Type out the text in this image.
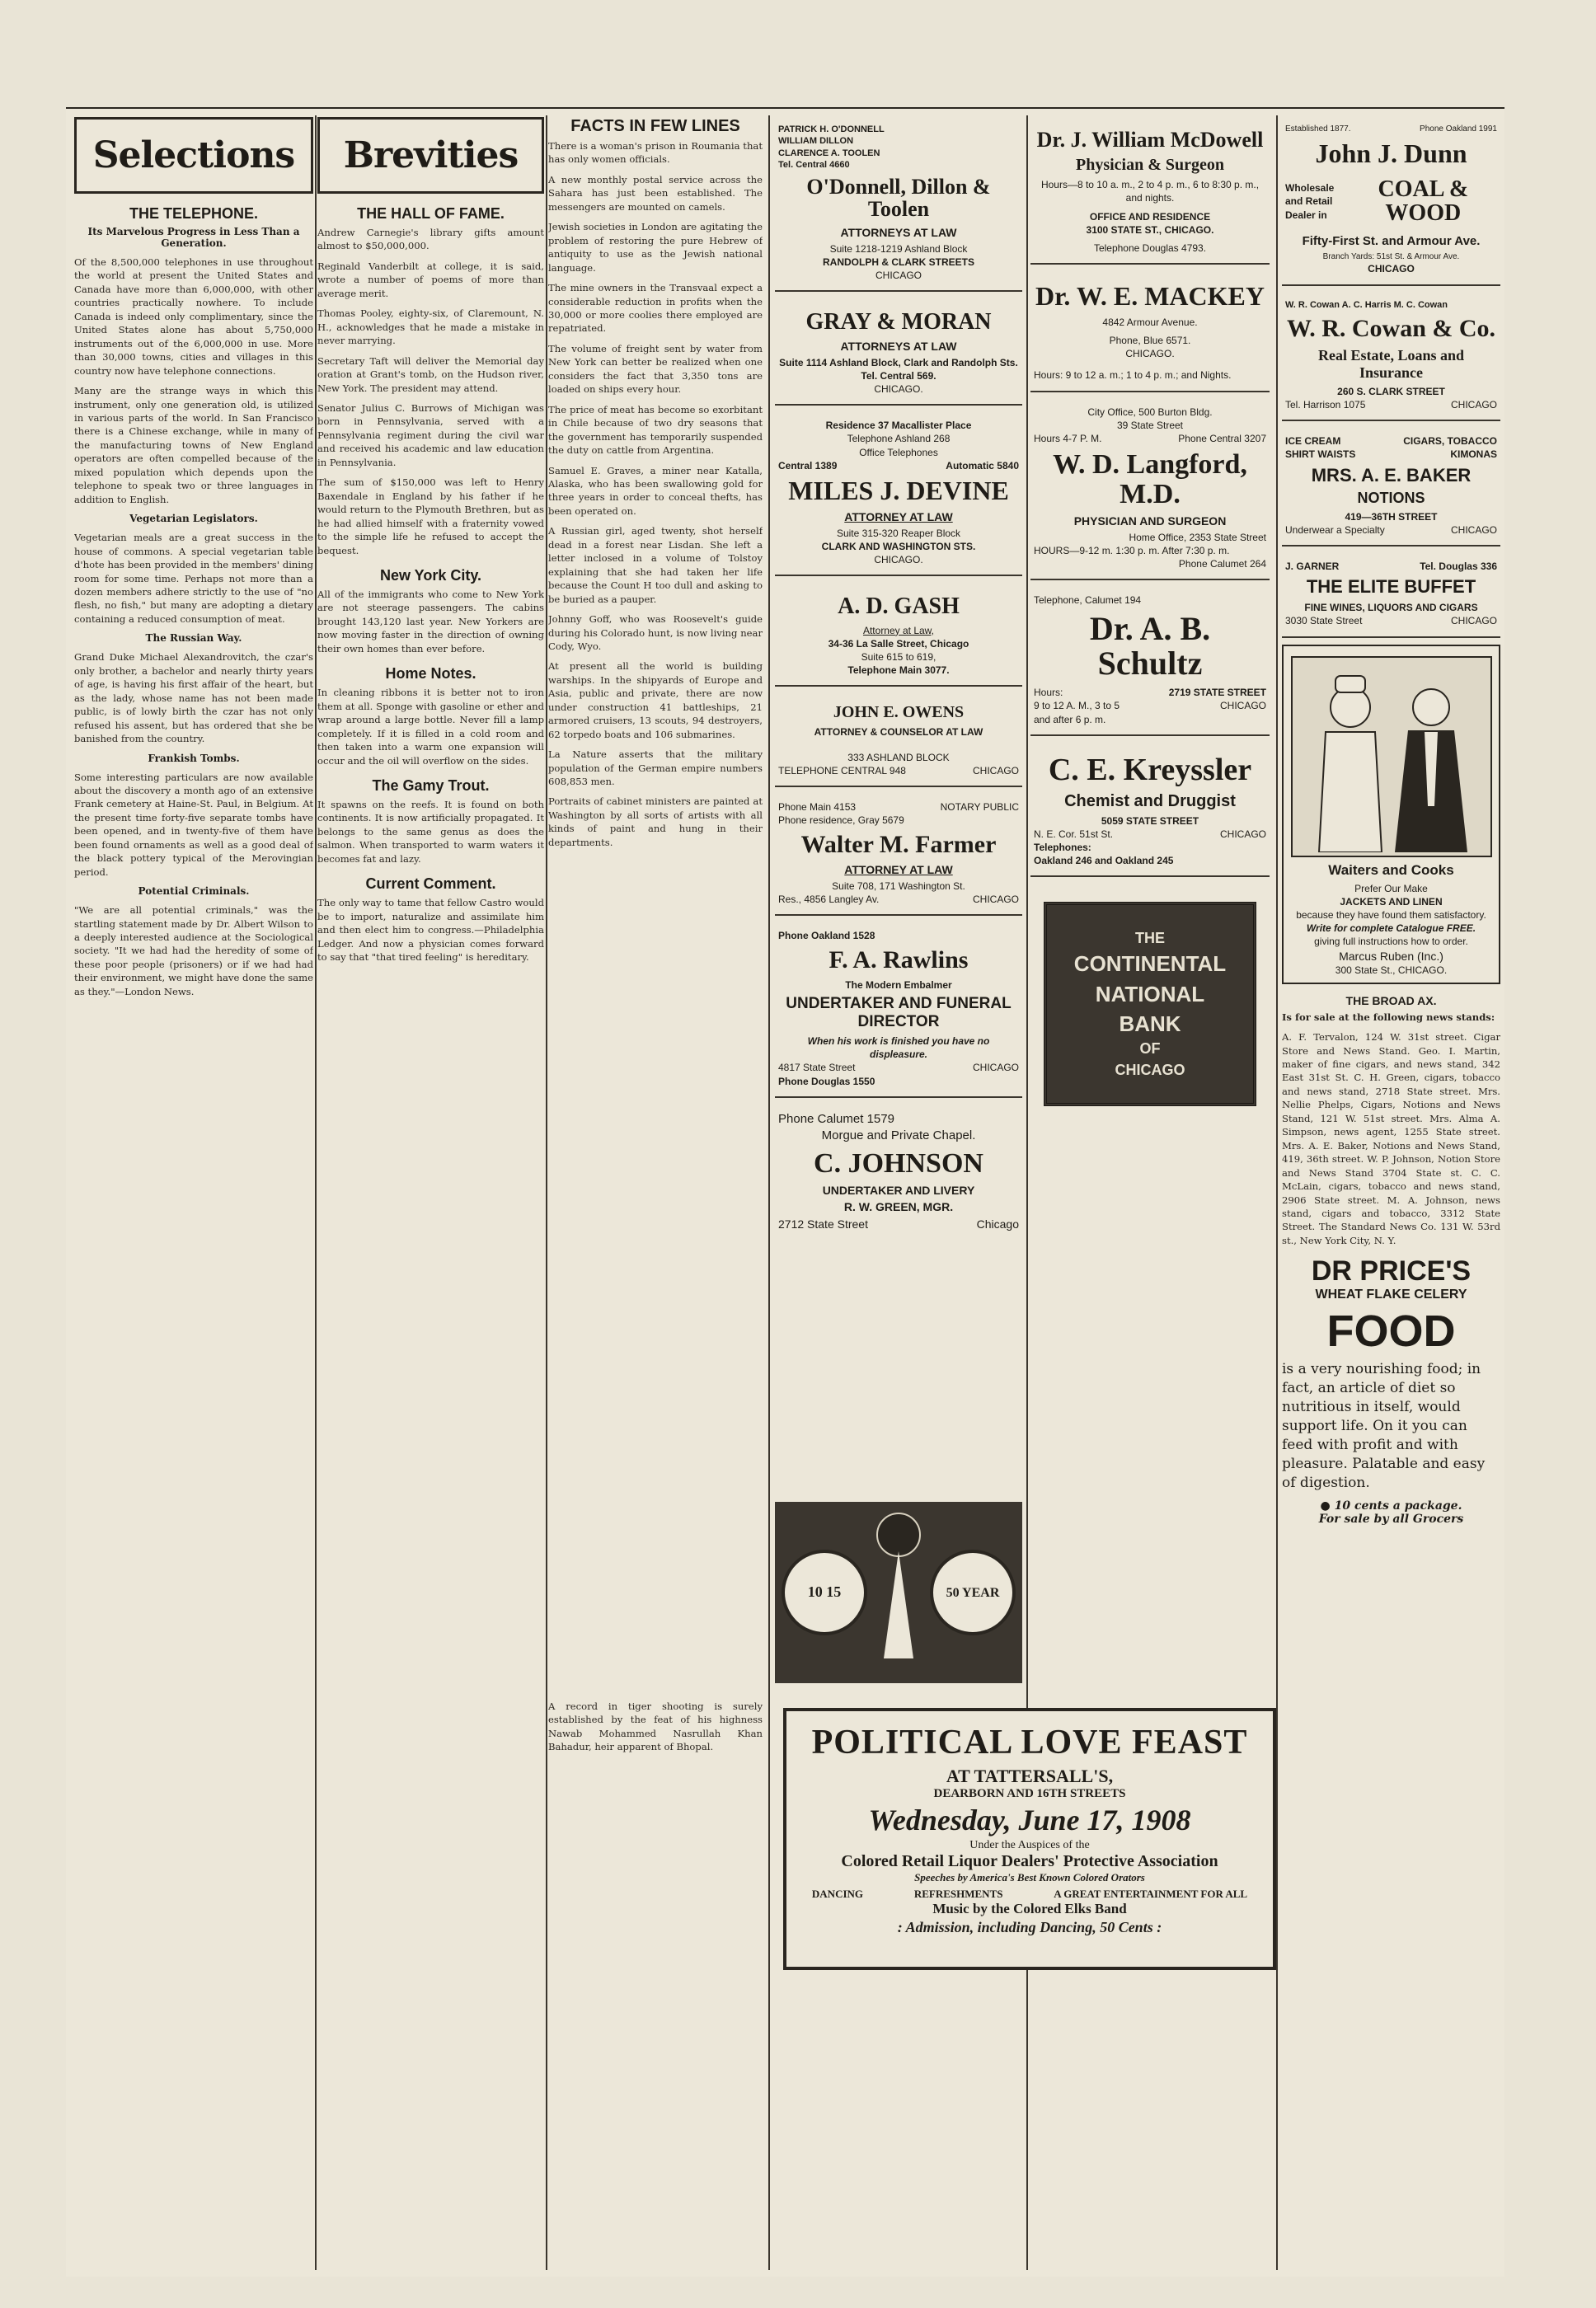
Selections
THE TELEPHONE.
Its Marvelous Progress in Less Than a Generation.

Of the 8,500,000 telephones in use throughout the world at present the United States and Canada have more than 6,000,000, with other countries practically nowhere. To include Canada is indeed only complimentary, since the United States alone has about 5,750,000 instruments out of the 6,000,000 in use. More than 30,000 towns, cities and villages in this country now have telephone connections.

Many are the strange ways in which this instrument, only one generation old, is utilized in various parts of the world. In San Francisco there is a Chinese exchange, while in many of the manufacturing towns of New England operators are often compelled because of the mixed population which depends upon the telephone to speak two or three languages in addition to English.

Vegetarian Legislators.

Vegetarian meals are a great success in the house of commons. A special vegetarian table d'hote has been provided in the members' dining room for some time. Perhaps not more than a dozen members adhere strictly to the use of "no flesh, no fish," but many are adopting a dietary containing a reduced consumption of meat.

The Russian Way.

Grand Duke Michael Alexandrovitch, the czar's only brother, a bachelor and nearly thirty years of age, is having his first affair of the heart, but as the lady, whose name has not been made public, is of lowly birth the czar has not only refused his assent, but has ordered that she be banished from the country.

Frankish Tombs.

Some interesting particulars are now available about the discovery a month ago of an extensive Frank cemetery at Haine-St. Paul, in Belgium. At the present time forty-five separate tombs have been opened, and in twenty-five of them have been found ornaments as well as a good deal of the black pottery typical of the Merovingian period.

Potential Criminals.

"We are all potential criminals," was the startling statement made by Dr. Albert Wilson to a deeply interested audience at the Sociological society. "It we had had the heredity of some of these poor people (prisoners) or if we had had their environment, we might have done the same as they."—London News.

Brevities
THE HALL OF FAME.

Andrew Carnegie's library gifts amount almost to $50,000,000.

Reginald Vanderbilt at college, it is said, wrote a number of poems of more than average merit.

Thomas Pooley, eighty-six, of Claremount, N. H., acknowledges that he made a mistake in never marrying.

Secretary Taft will deliver the Memorial day oration at Grant's tomb, on the Hudson river, New York. The president may attend.

Senator Julius C. Burrows of Michigan was born in Pennsylvania, served with a Pennsylvania regiment during the civil war and received his academic and law education in Pennsylvania.

The sum of $150,000 was left to Henry Baxendale in England by his father if he would return to the Plymouth Brethren, but as he had allied himself with a fraternity vowed to the simple life he refused to accept the bequest.

New York City.

All of the immigrants who come to New York are not steerage passengers. The cabins brought 143,120 last year. New Yorkers are now moving faster in the direction of owning their own homes than ever before.

Home Notes.

In cleaning ribbons it is better not to iron them at all. Sponge with gasoline or ether and wrap around a large bottle. Never fill a lamp completely. If it is filled in a cold room and then taken into a warm one expansion will occur and the oil will overflow on the sides.

The Gamy Trout.

It spawns on the reefs. It is found on both continents. It is now artificially propagated. It belongs to the same genus as does the salmon. When transported to warm waters it becomes fat and lazy.

Current Comment.

The only way to tame that fellow Castro would be to import, naturalize and assimilate him and then elect him to congress.—Philadelphia Ledger. And now a physician comes forward to say that "that tired feeling" is hereditary.

FACTS IN FEW LINES

There is a woman's prison in Roumania that has only women officials.

A new monthly postal service across the Sahara has just been established. The messengers are mounted on camels.

Jewish societies in London are agitating the problem of restoring the pure Hebrew of antiquity to use as the Jewish national language.

The mine owners in the Transvaal expect a considerable reduction in profits when the 30,000 or more coolies there employed are repatriated.

The volume of freight sent by water from New York can better be realized when one considers the fact that 3,350 tons are loaded on ships every hour.

The price of meat has become so exorbitant in Chile because of two dry seasons that the government has temporarily suspended the duty on cattle from Argentina.

Samuel E. Graves, a miner near Katalla, Alaska, who has been swallowing gold for three years in order to conceal thefts, has been operated on.

A Russian girl, aged twenty, shot herself dead in a forest near Lisdan. She left a letter inclosed in a volume of Tolstoy explaining that she had taken her life because the Count H too dull and asking to be buried as a pauper.

Johnny Goff, who was Roosevelt's guide during his Colorado hunt, is now living near Cody, Wyo.

At present all the world is building warships. In the shipyards of Europe and Asia, public and private, there are now under construction 41 battleships, 21 armored cruisers, 13 scouts, 94 destroyers, 62 torpedo boats and 106 submarines.

La Nature asserts that the military population of the German empire numbers 608,853 men.

Portraits of cabinet ministers are painted at Washington by all sorts of artists with all kinds of paint and hung in their departments.

A record in tiger shooting is surely established by the feat of his highness Nawab Mohammed Nasrullah Khan Bahadur, heir apparent of Bhopal.

PATRICK H. O'DONNELL
WILLIAM DILLON
CLARENCE A. TOOLEN
Tel. Central 4660
O'Donnell, Dillon & Toolen
ATTORNEYS AT LAW
Suite 1218-1219 Ashland Block
RANDOLPH & CLARK STREETS
CHICAGO
GRAY & MORAN
ATTORNEYS AT LAW
Suite 1114 Ashland Block, Clark and Randolph Sts. Tel. Central 569.
CHICAGO.
Residence 37 Macallister Place
Telephone Ashland 268
Office Telephones
Central 1389	Automatic 5840
MILES J. DEVINE
ATTORNEY AT LAW
Suite 315-320 Reaper Block
CLARK AND WASHINGTON STS.
CHICAGO.
A. D. GASH
Attorney at Law,
34-36 La Salle Street, Chicago
Suite 615 to 619,
Telephone Main 3077.
JOHN E. OWENS
ATTORNEY & COUNSELOR AT LAW
333 ASHLAND BLOCK
TELEPHONE CENTRAL 948	CHICAGO
Phone Main 4153	NOTARY PUBLIC
Phone residence, Gray 5679
Walter M. Farmer
ATTORNEY AT LAW
Suite 708, 171 Washington St.
Res., 4856 Langley Av.	CHICAGO
Phone Oakland 1528
F. A. Rawlins
The Modern Embalmer
UNDERTAKER AND FUNERAL DIRECTOR
When his work is finished you have no displeasure.
4817 State Street	CHICAGO
Phone Douglas 1550
Phone Calumet 1579
Morgue and Private Chapel.
C. JOHNSON
UNDERTAKER AND LIVERY
R. W. GREEN, MGR.
2712 State Street	Chicago
10 15	50 YEAR
Dr. J. William McDowell
Physician & Surgeon
Hours—8 to 10 a. m., 2 to 4 p. m., 6 to 8:30 p. m., and nights.
OFFICE AND RESIDENCE
3100 STATE ST., CHICAGO.
Telephone Douglas 4793.
Dr. W. E. MACKEY
4842 Armour Avenue.
Phone, Blue 6571.
CHICAGO.
Hours: 9 to 12 a. m.; 1 to 4 p. m.; and Nights.
City Office, 500 Burton Bldg.
39 State Street
Hours 4-7 P. M.	Phone Central 3207
W. D. Langford, M.D.
PHYSICIAN AND SURGEON
Home Office, 2353 State Street
HOURS—9-12 m. 1:30 p. m. After 7:30 p. m.
Phone Calumet 264
Telephone, Calumet 194
Dr. A. B. Schultz
Hours:	2719 STATE STREET
9 to 12 A. M., 3 to 5	CHICAGO
and after 6 p. m.
C. E. Kreyssler
Chemist and Druggist
5059 STATE STREET
N. E. Cor. 51st St.	CHICAGO
Telephones:
Oakland 246 and Oakland 245
THE
CONTINENTAL
NATIONAL
BANK
OF
CHICAGO
Established 1877.	Phone Oakland 1991
John J. Dunn
Wholesale and Retail Dealer in
COAL & WOOD
Fifty-First St. and Armour Ave.
Branch Yards: 51st St. & Armour Ave.
CHICAGO
W. R. Cowan A. C. Harris M. C. Cowan
W. R. Cowan & Co.
Real Estate, Loans and Insurance
260 S. CLARK STREET
Tel. Harrison 1075	CHICAGO
ICE CREAM	CIGARS, TOBACCO
SHIRT WAISTS	KIMONAS
MRS. A. E. BAKER
NOTIONS
419—36TH STREET
Underwear a Specialty	CHICAGO
J. GARNER	Tel. Douglas 336
THE ELITE BUFFET
FINE WINES, LIQUORS AND CIGARS
3030 State Street	CHICAGO
Waiters and Cooks
Prefer Our Make
JACKETS AND LINEN
because they have found them satisfactory.
Write for complete Catalogue FREE.
giving full instructions how to order.
Marcus Ruben (Inc.)
300 State St., CHICAGO.
THE BROAD AX.

Is for sale at the following news stands:

A. F. Tervalon, 124 W. 31st street. Cigar Store and News Stand. Geo. I. Martin, maker of fine cigars, and news stand, 342 East 31st St. C. H. Green, cigars, tobacco and news stand, 2718 State street. Mrs. Nellie Phelps, Cigars, Notions and News Stand, 121 W. 51st street. Mrs. Alma A. Simpson, news agent, 1255 State street. Mrs. A. E. Baker, Notions and News Stand, 419, 36th street. W. P. Johnson, Notion Store and News Stand 3704 State st. C. C. McLain, cigars, tobacco and news stand, 2906 State street. M. A. Johnson, news stand, cigars and tobacco, 3312 State Street. The Standard News Co. 131 W. 53rd st., New York City, N. Y.

DR PRICE'S
WHEAT FLAKE CELERY
FOOD

is a very nourishing food; in fact, an article of diet so nutritious in itself, would support life. On it you can feed with profit and with pleasure. Palatable and easy of digestion.

● 10 cents a package.
For sale by all Grocers
POLITICAL LOVE FEAST
AT TATTERSALL'S,
DEARBORN AND 16TH STREETS
Wednesday, June 17, 1908
Under the Auspices of the
Colored Retail Liquor Dealers' Protective Association
Speeches by America's Best Known Colored Orators
DANCING	REFRESHMENTS	A GREAT ENTERTAINMENT FOR ALL
Music by the Colored Elks Band
: Admission, including Dancing, 50 Cents :
